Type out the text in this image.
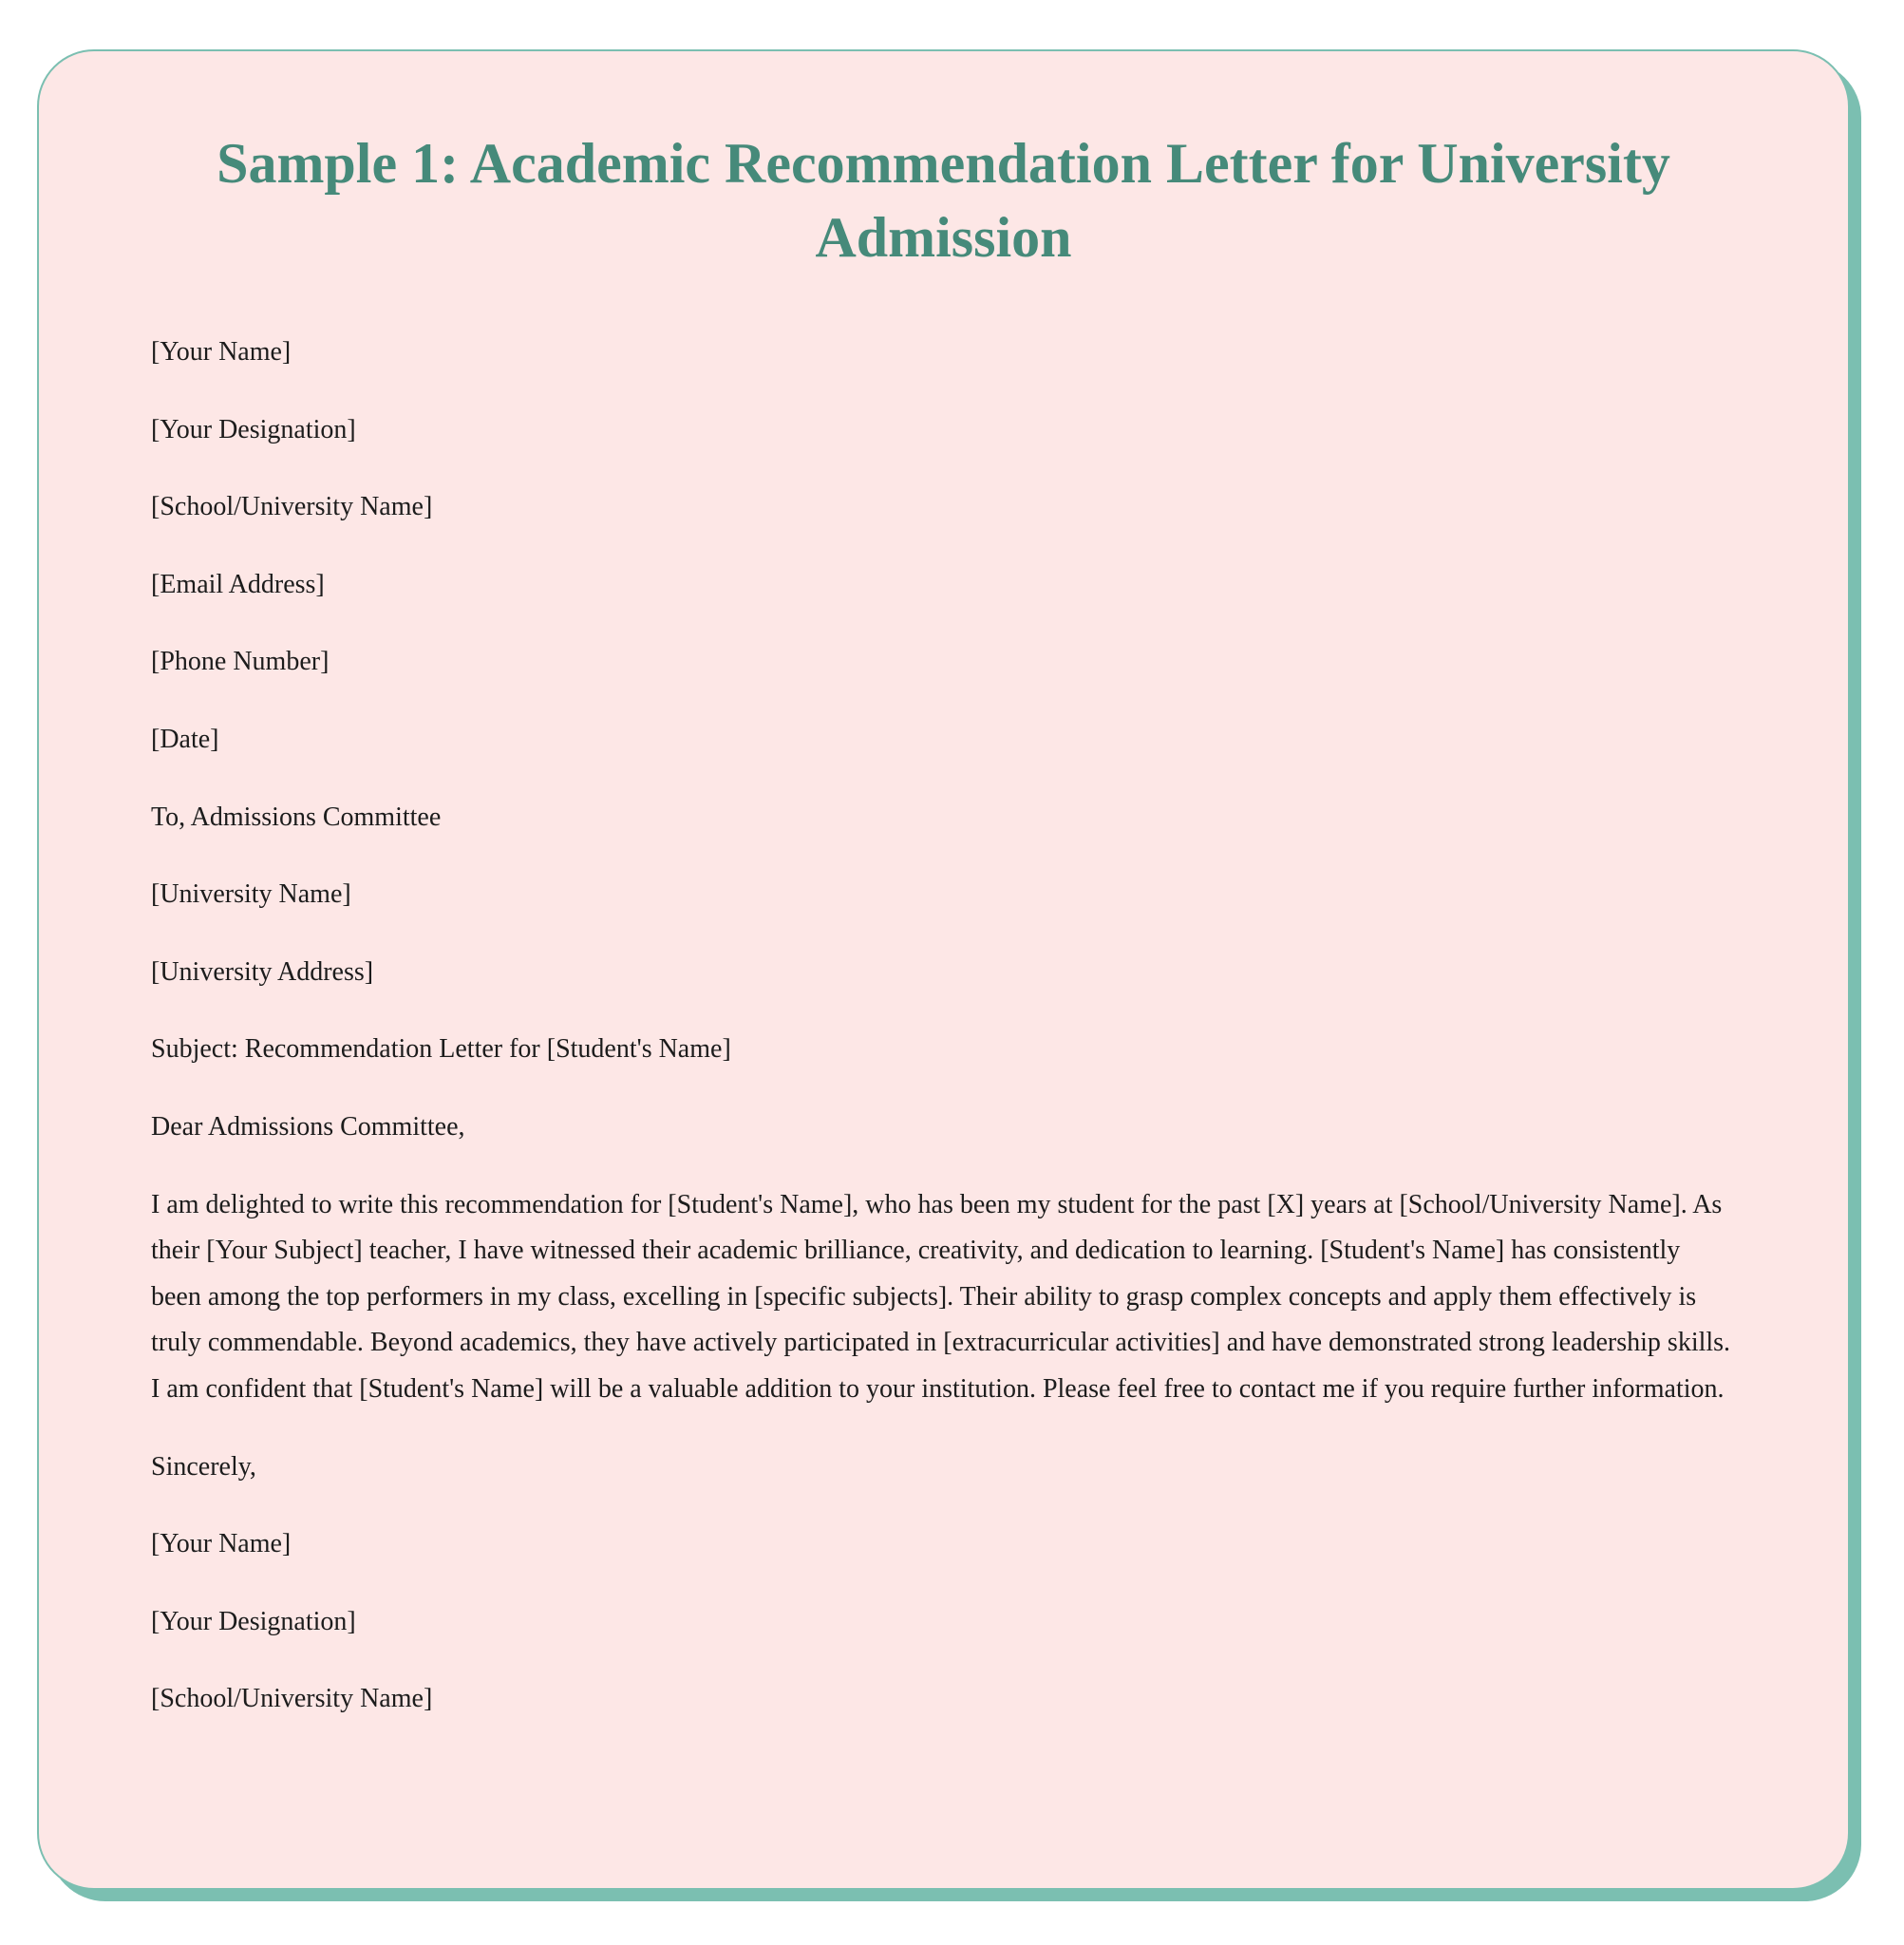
Sample 1: Academic Recommendation Letter for University Admission

[Your Name]

[Your Designation]

[School/University Name]

[Email Address]

[Phone Number]

[Date]

To, Admissions Committee

[University Name]

[University Address]

Subject: Recommendation Letter for [Student's Name]

Dear Admissions Committee,

I am delighted to write this recommendation for [Student's Name], who has been my student for the past [X] years at [School/University Name]. As their [Your Subject] teacher, I have witnessed their academic brilliance, creativity, and dedication to learning. [Student's Name] has consistently been among the top performers in my class, excelling in [specific subjects]. Their ability to grasp complex concepts and apply them effectively is truly commendable. Beyond academics, they have actively participated in [extracurricular activities] and have demonstrated strong leadership skills. I am confident that [Student's Name] will be a valuable addition to your institution. Please feel free to contact me if you require further information.

Sincerely,

[Your Name]

[Your Designation]

[School/University Name]
